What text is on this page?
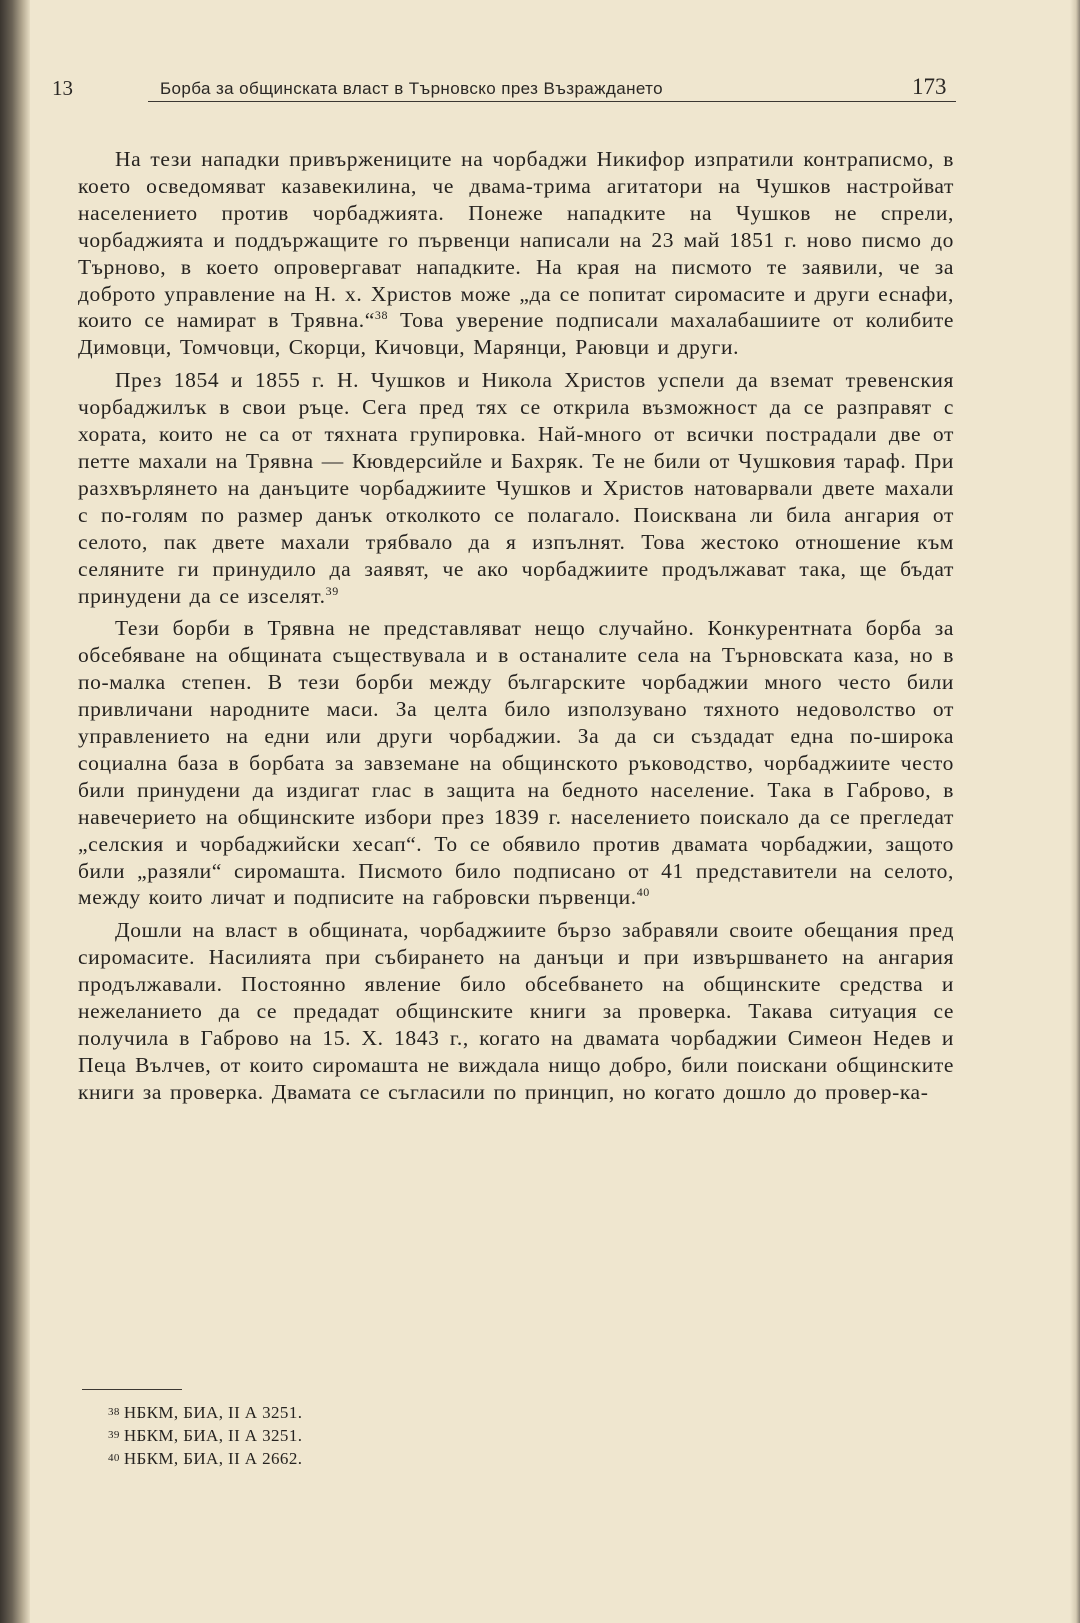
13	Борба за общинската власт в Търновско през Възраждането	173

На тези нападки привържениците на чорбаджи Никифор изпратили контраписмо, в което осведомяват казавекилина, че двама-трима агитатори на Чушков настройват населението против чорбаджията. Понеже нападките на Чушков не спрели, чорбаджията и поддържащите го първенци написали на 23 май 1851 г. ново писмо до Търново, в което опровергават нападките. На края на писмото те заявили, че за доброто управление на Н. х. Христов може „да се попитат сиромасите и други еснафи, които се намират в Трявна.“$^{38}$ Това уверение подписали махалабашиите от колибите Димовци, Томчовци, Скорци, Кичовци, Марянци, Раювци и други.

През 1854 и 1855 г. Н. Чушков и Никола Христов успели да вземат тревенския чорбаджилък в свои ръце. Сега пред тях се открила възможност да се разправят с хората, които не са от тяхната групировка. Най-много от всички пострадали две от петте махали на Трявна — Кювдерсийле и Бахряк. Те не били от Чушковия тараф. При разхвърлянето на данъците чорбаджиите Чушков и Христов натоварвали двете махали с по-голям по размер данък отколкото се полагало. Поисквана ли била ангария от селото, пак двете махали трябвало да я изпълнят. Това жестоко отношение към селяните ги принудило да заявят, че ако чорбаджиите продължават така, ще бъдат принудени да се изселят.$^{39}$

Тези борби в Трявна не представляват нещо случайно. Конкурентната борба за обсебяване на общината съществувала и в останалите села на Търновската каза, но в по-малка степен. В тези борби между българските чорбаджии много често били привличани народните маси. За целта било използувано тяхното недоволство от управлението на едни или други чорбаджии. За да си създадат една по-широка социална база в борбата за завземане на общинското ръководство, чорбаджиите често били принудени да издигат глас в защита на бедното население. Така в Габрово, в навечерието на общинските избори през 1839 г. населението поискало да се прегледат „селския и чорбаджийски хесап“. То се обявило против двамата чорбаджии, защото били „разяли“ сиромашта. Писмото било подписано от 41 представители на селото, между които личат и подписите на габровски първенци.$^{40}$

Дошли на власт в общината, чорбаджиите бързо забравяли своите обещания пред сиромасите. Насилията при събирането на данъци и при извършването на ангария продължавали. Постоянно явление било обсебването на общинските средства и нежеланието да се предадат общинските книги за проверка. Такава ситуация се получила в Габрово на 15. X. 1843 г., когато на двамата чорбаджии Симеон Недев и Пеца Вълчев, от които сиромашта не виждала нищо добро, били поискани общинските книги за проверка. Двамата се съгласили по принцип, но когато дошло до провер-ка-

38 НБКМ, БИА, II А 3251.
39 НБКМ, БИА, II А 3251.
40 НБКМ, БИА, II А 2662.
